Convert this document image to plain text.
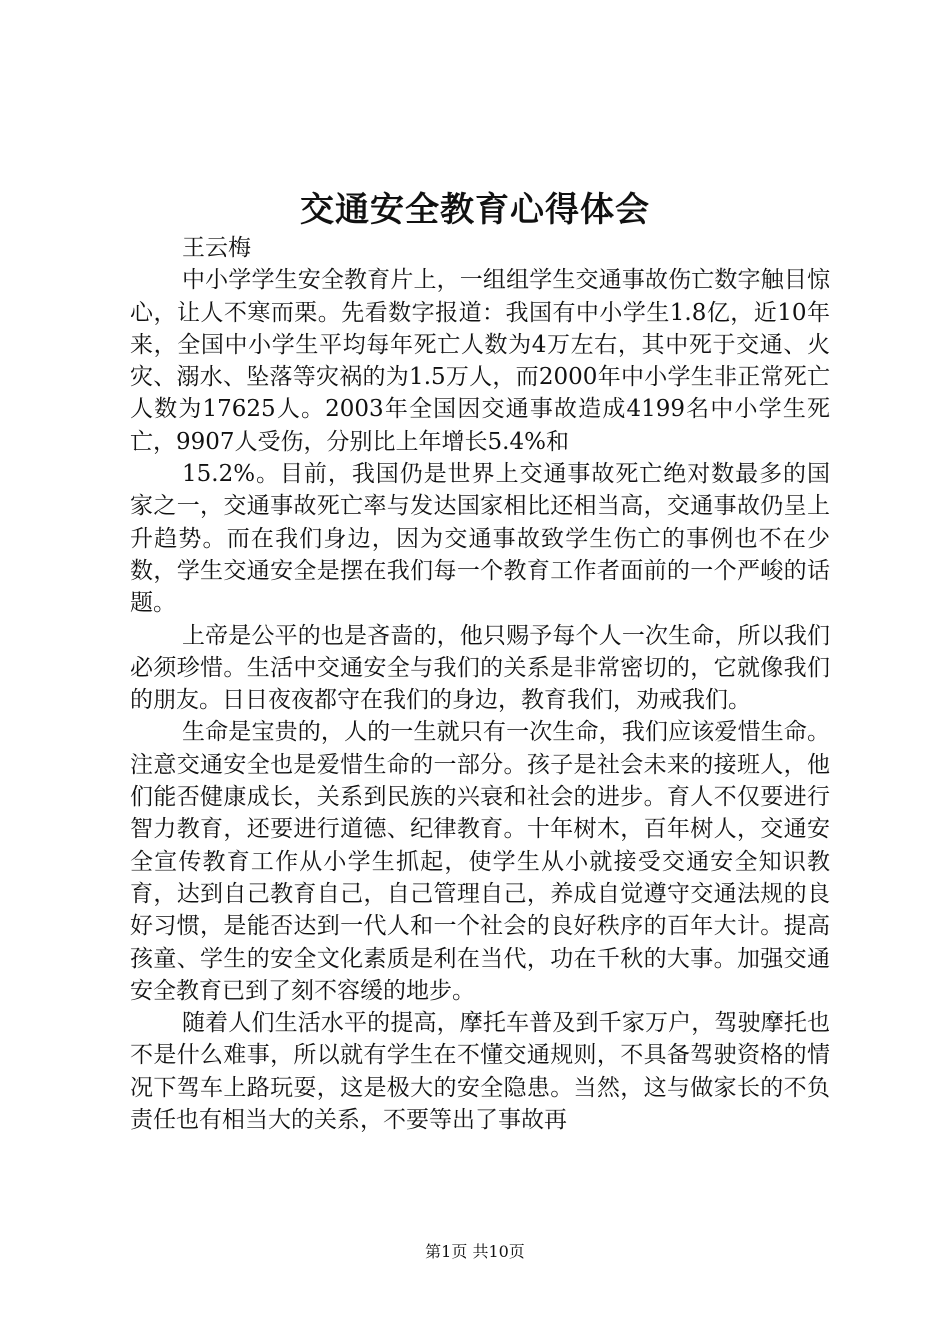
交通安全教育心得体会

王云梅

中小学学生安全教育片上，一组组学生交通事故伤亡数字触目惊心，让人不寒而栗。先看数字报道：我国有中小学生1.8亿，近10年来，全国中小学生平均每年死亡人数为4万左右，其中死于交通、火灾、溺水、坠落等灾祸的为1.5万人，而2000年中小学生非正常死亡人数为17625人。2003年全国因交通事故造成4199名中小学生死亡，9907人受伤，分别比上年增长5.4%和

15.2%。目前，我国仍是世界上交通事故死亡绝对数最多的国家之一，交通事故死亡率与发达国家相比还相当高，交通事故仍呈上升趋势。而在我们身边，因为交通事故致学生伤亡的事例也不在少数，学生交通安全是摆在我们每一个教育工作者面前的一个严峻的话题。

上帝是公平的也是吝啬的，他只赐予每个人一次生命，所以我们必须珍惜。生活中交通安全与我们的关系是非常密切的，它就像我们的朋友。日日夜夜都守在我们的身边，教育我们，劝戒我们。

生命是宝贵的，人的一生就只有一次生命，我们应该爱惜生命。注意交通安全也是爱惜生命的一部分。孩子是社会未来的接班人，他们能否健康成长，关系到民族的兴衰和社会的进步。育人不仅要进行智力教育，还要进行道德、纪律教育。十年树木，百年树人，交通安全宣传教育工作从小学生抓起，使学生从小就接受交通安全知识教育，达到自己教育自己，自己管理自己，养成自觉遵守交通法规的良好习惯，是能否达到一代人和一个社会的良好秩序的百年大计。提高孩童、学生的安全文化素质是利在当代，功在千秋的大事。加强交通安全教育已到了刻不容缓的地步。

随着人们生活水平的提高，摩托车普及到千家万户，驾驶摩托也不是什么难事，所以就有学生在不懂交通规则，不具备驾驶资格的情况下驾车上路玩耍，这是极大的安全隐患。当然，这与做家长的不负责任也有相当大的关系，不要等出了事故再

第1页 共10页
